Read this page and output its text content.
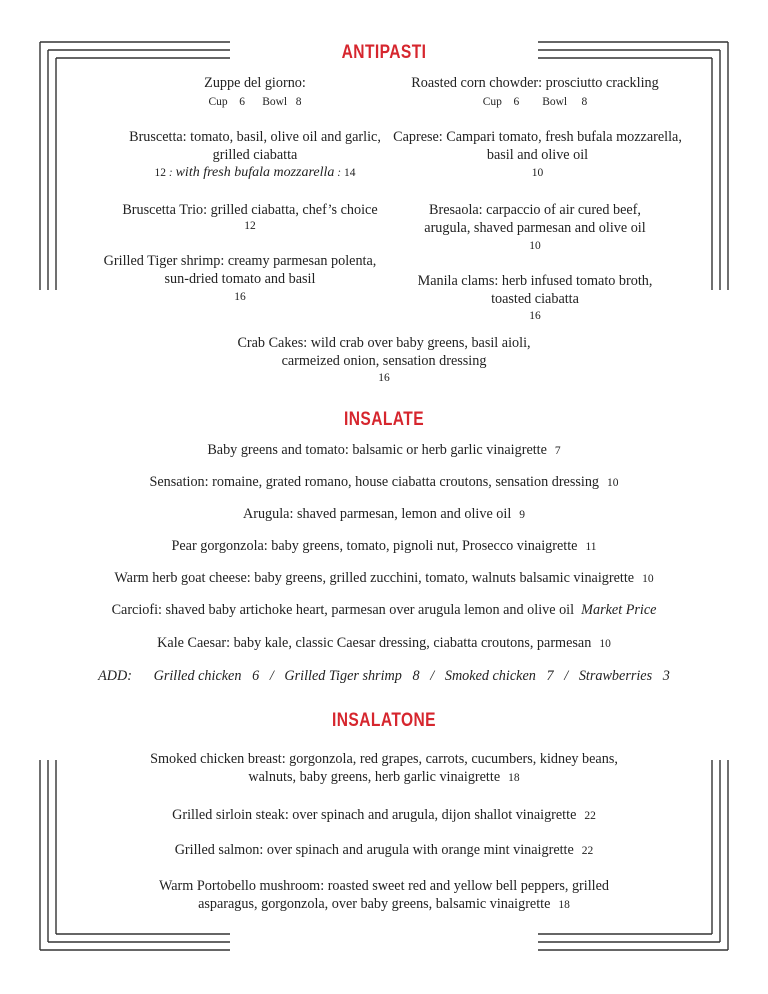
ANTIPASTI
Zuppe del giorno:
Cup 6 Bowl 8
Bruscetta: tomato, basil, olive oil and garlic,
grilled ciabatta
12 : with fresh bufala mozzarella : 14
Bruscetta Trio: grilled ciabatta, chef’s choice
12
Grilled Tiger shrimp: creamy parmesan polenta,
sun-dried tomato and basil
16
Roasted corn chowder: prosciutto crackling
Cup 6 Bowl 8
Caprese: Campari tomato, fresh bufala mozzarella,
basil and olive oil
10
Bresaola: carpaccio of air cured beef,
arugula, shaved parmesan and olive oil
10
Manila clams: herb infused tomato broth,
toasted ciabatta
16
Crab Cakes: wild crab over baby greens, basil aioli,
carmeized onion, sensation dressing
16
INSALATE
Baby greens and tomato: balsamic or herb garlic vinaigrette 7
Sensation: romaine, grated romano, house ciabatta croutons, sensation dressing 10
Arugula: shaved parmesan, lemon and olive oil 9
Pear gorgonzola: baby greens, tomato, pignoli nut, Prosecco vinaigrette 11
Warm herb goat cheese: baby greens, grilled zucchini, tomato, walnuts balsamic vinaigrette 10
Carciofi: shaved baby artichoke heart, parmesan over arugula lemon and olive oil Market Price
Kale Caesar: baby kale, classic Caesar dressing, ciabatta croutons, parmesan 10
ADD: Grilled chicken 6 / Grilled Tiger shrimp 8 / Smoked chicken 7 / Strawberries 3
INSALATONE
Smoked chicken breast: gorgonzola, red grapes, carrots, cucumbers, kidney beans,
walnuts, baby greens, herb garlic vinaigrette 18
Grilled sirloin steak: over spinach and arugula, dijon shallot vinaigrette 22
Grilled salmon: over spinach and arugula with orange mint vinaigrette 22
Warm Portobello mushroom: roasted sweet red and yellow bell peppers, grilled
asparagus, gorgonzola, over baby greens, balsamic vinaigrette 18
